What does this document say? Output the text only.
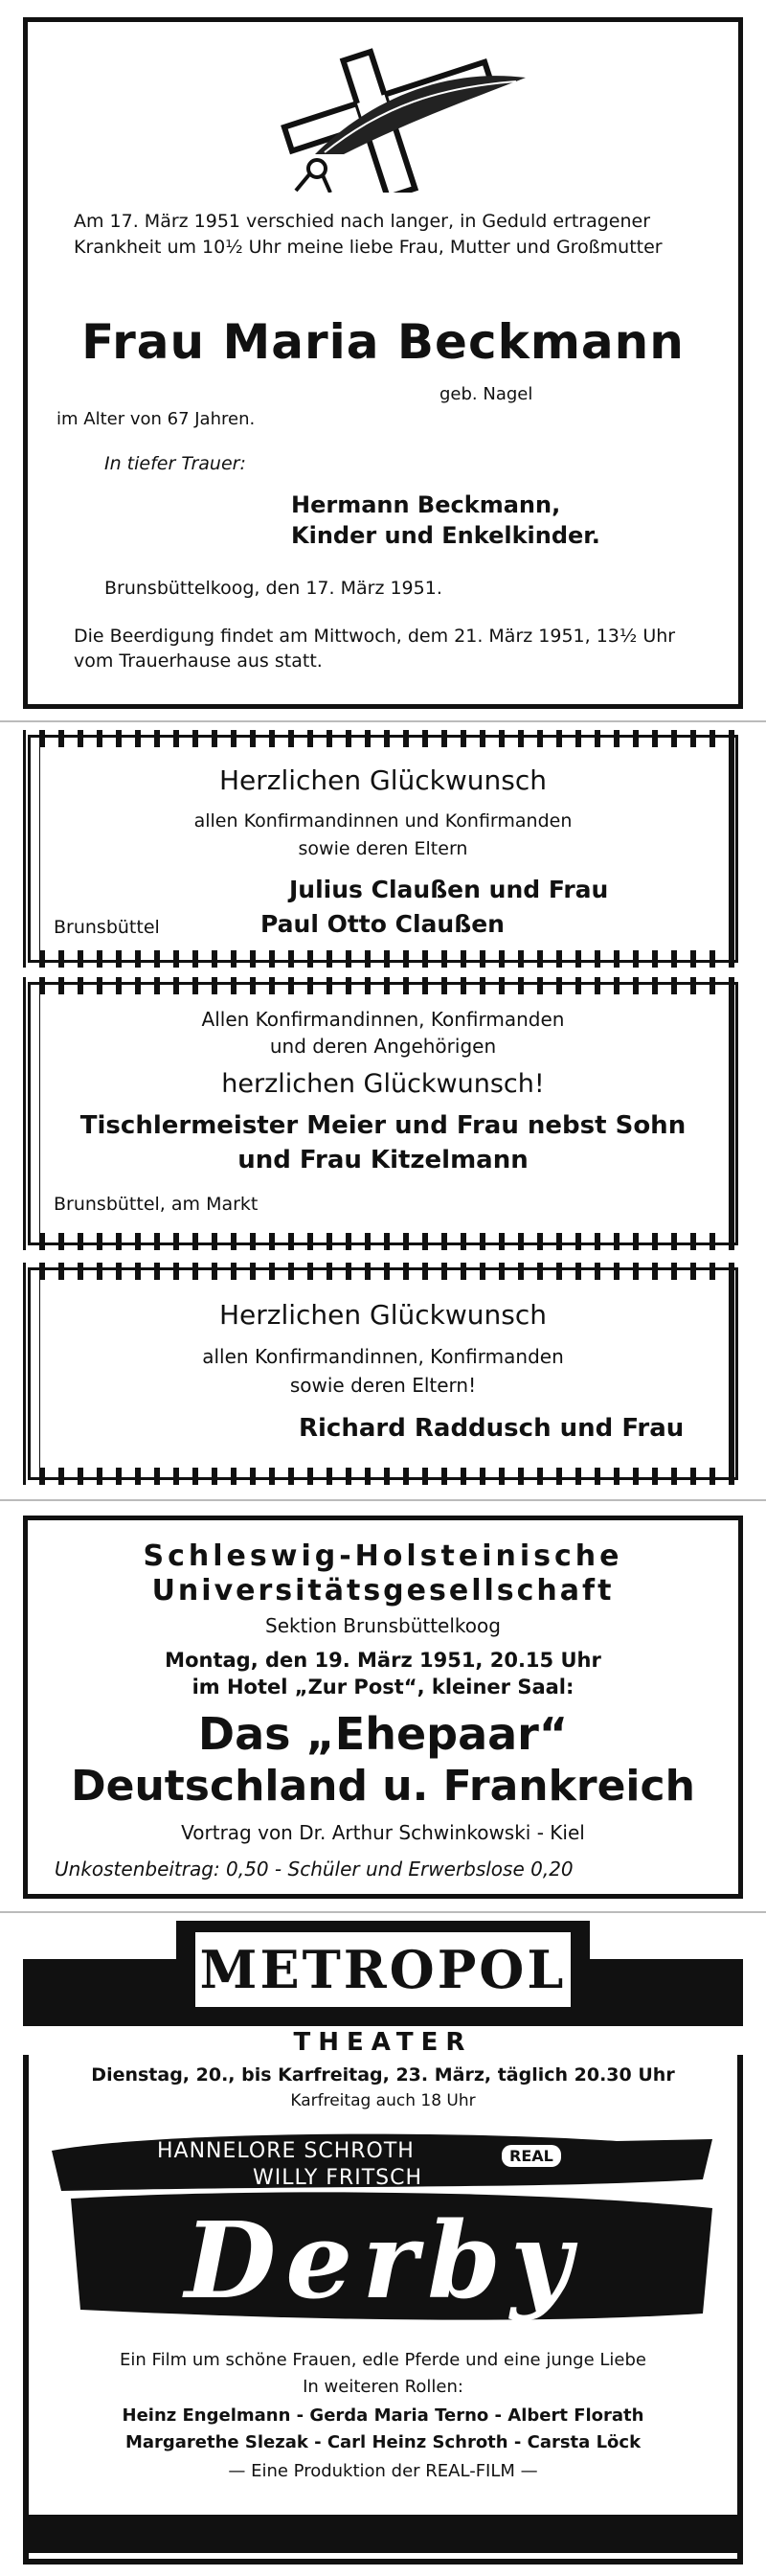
Am 17. März 1951 verschied nach langer, in Geduld ertragener Krankheit um 10½ Uhr meine liebe Frau, Mutter und Großmutter
Frau Maria Beckmann
geb. Nagel
im Alter von 67 Jahren.
In tiefer Trauer:
Hermann Beckmann,
Kinder und Enkelkinder.
Brunsbüttelkoog, den 17. März 1951.
Die Beerdigung findet am Mittwoch, dem 21. März 1951, 13½ Uhr vom Trauerhause aus statt.
Herzlichen Glückwunsch
allen Konfirmandinnen und Konfirmanden
sowie deren Eltern
Julius Claußen und Frau
Brunsbüttel	Paul Otto Claußen
Allen Konfirmandinnen, Konfirmanden
und deren Angehörigen
herzlichen Glückwunsch!
Tischlermeister Meier und Frau nebst Sohn
und Frau Kitzelmann
Brunsbüttel, am Markt
Herzlichen Glückwunsch
allen Konfirmandinnen, Konfirmanden
sowie deren Eltern!
Richard Raddusch und Frau
Schleswig-Holsteinische
Universitätsgesellschaft
Sektion Brunsbüttelkoog
Montag, den 19. März 1951, 20.15 Uhr
im Hotel „Zur Post“, kleiner Saal:
Das „Ehepaar“
Deutschland u. Frankreich
Vortrag von Dr. Arthur Schwinkowski - Kiel
Unkostenbeitrag: 0,50 - Schüler und Erwerbslose 0,20
METROPOL
THEATER
Dienstag, 20., bis Karfreitag, 23. März, täglich 20.30 Uhr
Karfreitag auch 18 Uhr
HANNELORE SCHROTH
WILLY FRITSCH
REAL
Derby
Ein Film um schöne Frauen, edle Pferde und eine junge Liebe
In weiteren Rollen:
Heinz Engelmann - Gerda Maria Terno - Albert Florath
Margarethe Slezak - Carl Heinz Schroth - Carsta Löck
— Eine Produktion der REAL-FILM —
